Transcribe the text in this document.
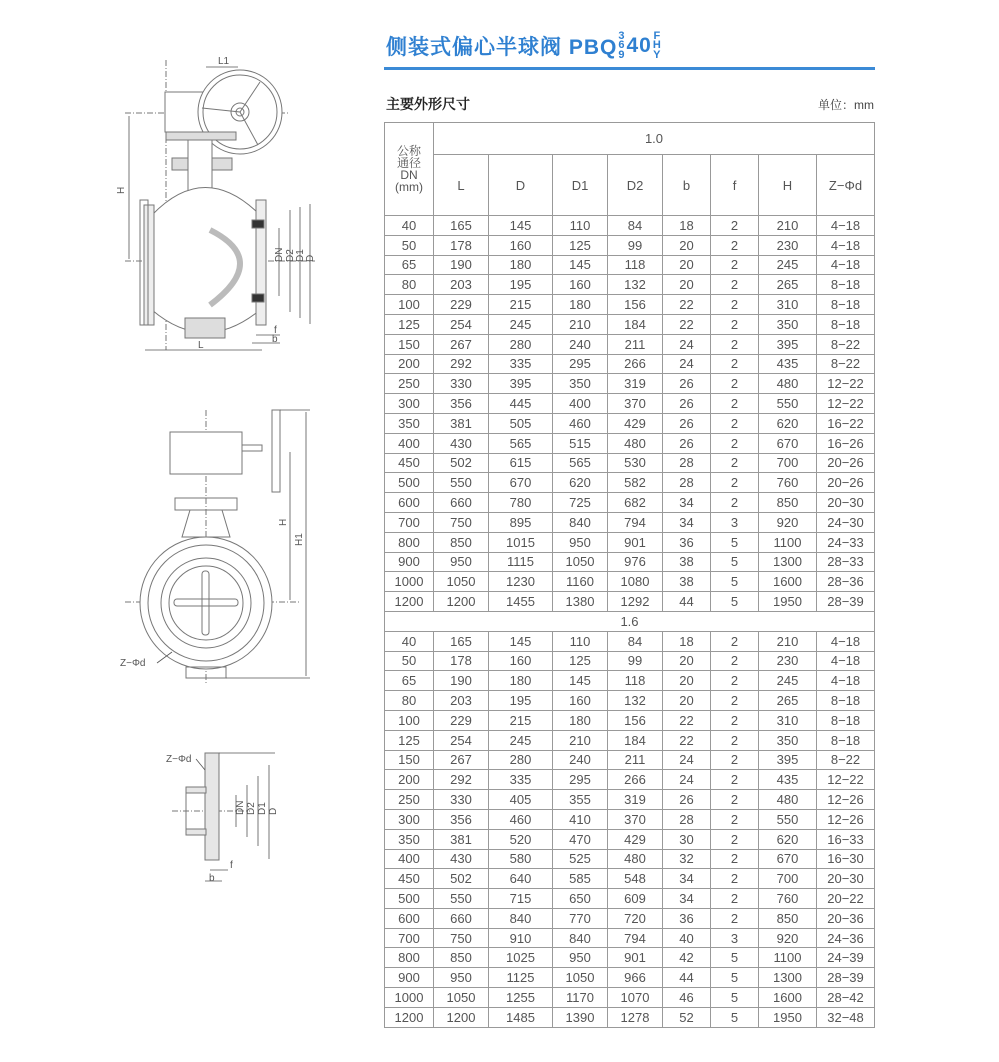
侧装式偏心半球阀 PBQ
3
6
9 40 F
H
Y
主要外形尺寸	单位：mm
公称
通径
DN
(mm)	1.0							
	L	D	D1	D2	b	f	H	Z−Φd
40	165	145	110	84	18	2	210	4−18
50	178	160	125	99	20	2	230	4−18
65	190	180	145	118	20	2	245	4−18
80	203	195	160	132	20	2	265	8−18
100	229	215	180	156	22	2	310	8−18
125	254	245	210	184	22	2	350	8−18
150	267	280	240	211	24	2	395	8−22
200	292	335	295	266	24	2	435	8−22
250	330	395	350	319	26	2	480	12−22
300	356	445	400	370	26	2	550	12−22
350	381	505	460	429	26	2	620	16−22
400	430	565	515	480	26	2	670	16−26
450	502	615	565	530	28	2	700	20−26
500	550	670	620	582	28	2	760	20−26
600	660	780	725	682	34	2	850	20−30
700	750	895	840	794	34	3	920	24−30
800	850	1015	950	901	36	5	1100	24−33
900	950	1115	1050	976	38	5	1300	28−33
1000	1050	1230	1160	1080	38	5	1600	28−36
1200	1200	1455	1380	1292	44	5	1950	28−39
1.6								
40	165	145	110	84	18	2	210	4−18
50	178	160	125	99	20	2	230	4−18
65	190	180	145	118	20	2	245	4−18
80	203	195	160	132	20	2	265	8−18
100	229	215	180	156	22	2	310	8−18
125	254	245	210	184	22	2	350	8−18
150	267	280	240	211	24	2	395	8−22
200	292	335	295	266	24	2	435	12−22
250	330	405	355	319	26	2	480	12−26
300	356	460	410	370	28	2	550	12−26
350	381	520	470	429	30	2	620	16−33
400	430	580	525	480	32	2	670	16−30
450	502	640	585	548	34	2	700	20−30
500	550	715	650	609	34	2	760	20−22
600	660	840	770	720	36	2	850	20−36
700	750	910	840	794	40	3	920	24−36
800	850	1025	950	901	42	5	1100	24−39
900	950	1125	1050	966	44	5	1300	28−39
1000	1050	1255	1170	1070	46	5	1600	28−42
1200	1200	1485	1390	1278	52	5	1950	32−48
L1
H
DN D2 D1 D
f
b
L
H
H1
Z−Φd
Z−Φd
DN D2 D1 D
f
b
